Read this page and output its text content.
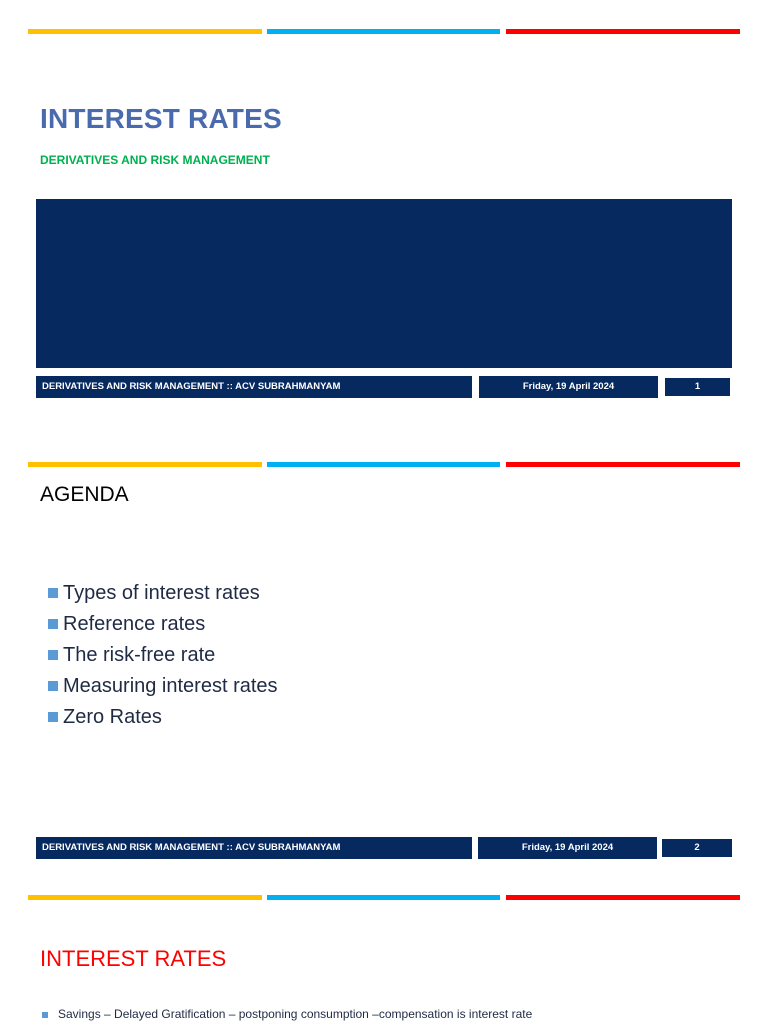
INTEREST RATES
DERIVATIVES AND RISK MANAGEMENT
DERIVATIVES AND RISK MANAGEMENT :: ACV SUBRAHMANYAM	Friday, 19 April 2024	1
AGENDA
Types of interest rates
Reference rates
The risk-free rate
Measuring interest rates
Zero Rates
DERIVATIVES AND RISK MANAGEMENT :: ACV SUBRAHMANYAM	Friday, 19 April 2024	2
INTEREST RATES
Savings – Delayed Gratification – postponing consumption –compensation is interest rate
